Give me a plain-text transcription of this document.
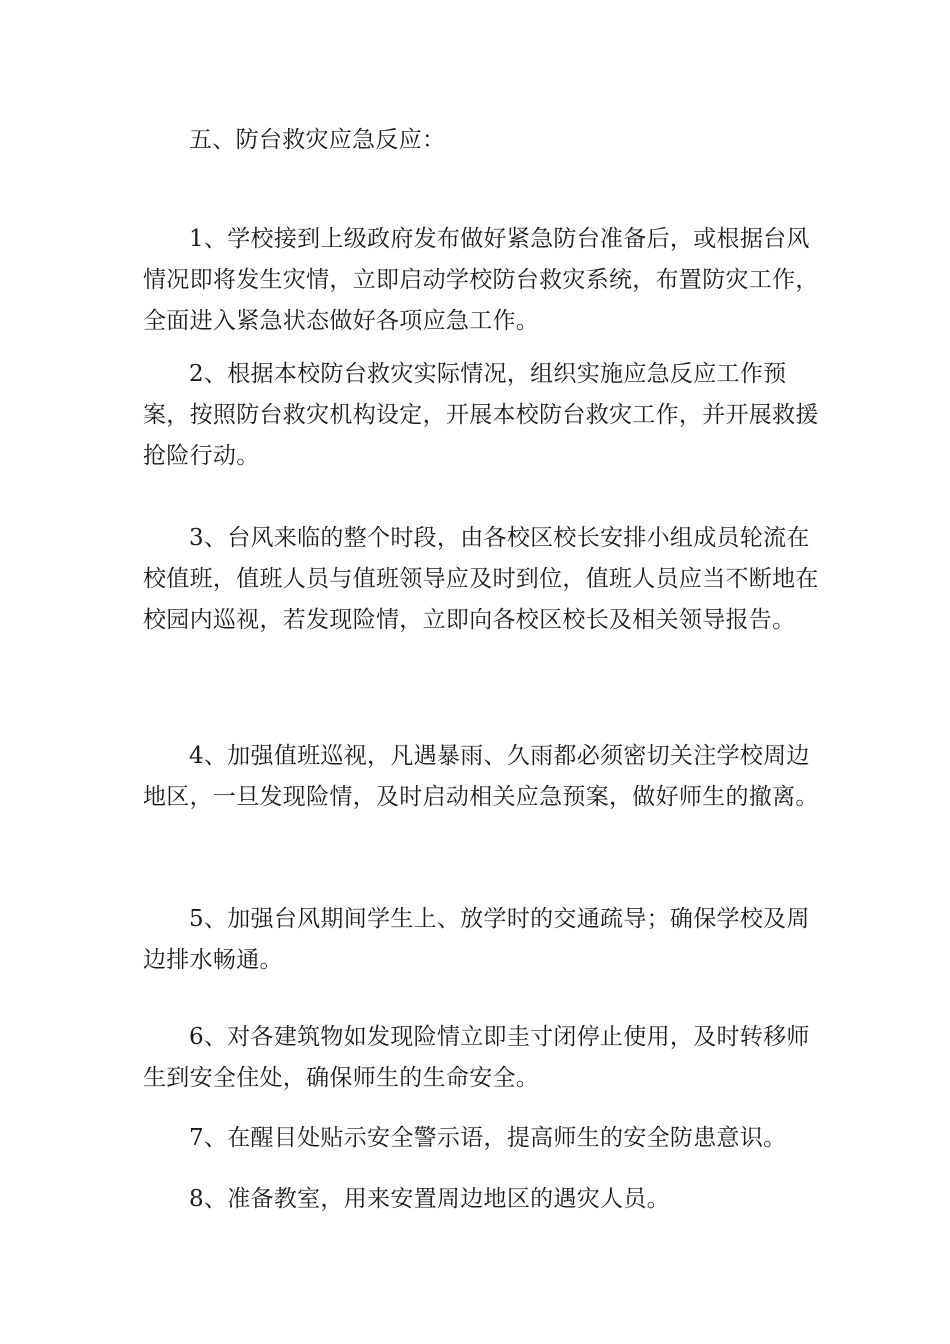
五、防台救灾应急反应：

1、学校接到上级政府发布做好紧急防台准备后，或根据台风情况即将发生灾情，立即启动学校防台救灾系统，布置防灾工作，全面进入紧急状态做好各项应急工作。

2、根据本校防台救灾实际情况，组织实施应急反应工作预案，按照防台救灾机构设定，开展本校防台救灾工作，并开展救援抢险行动。

3、台风来临的整个时段，由各校区校长安排小组成员轮流在校值班，值班人员与值班领导应及时到位，值班人员应当不断地在校园内巡视，若发现险情，立即向各校区校长及相关领导报告。

4、加强值班巡视，凡遇暴雨、久雨都必须密切关注学校周边地区，一旦发现险情，及时启动相关应急预案，做好师生的撤离。

5、加强台风期间学生上、放学时的交通疏导；确保学校及周边排水畅通。

6、对各建筑物如发现险情立即圭寸闭停止使用，及时转移师生到安全住处，确保师生的生命安全。

7、在醒目处贴示安全警示语，提高师生的安全防患意识。

8、准备教室，用来安置周边地区的遇灾人员。
